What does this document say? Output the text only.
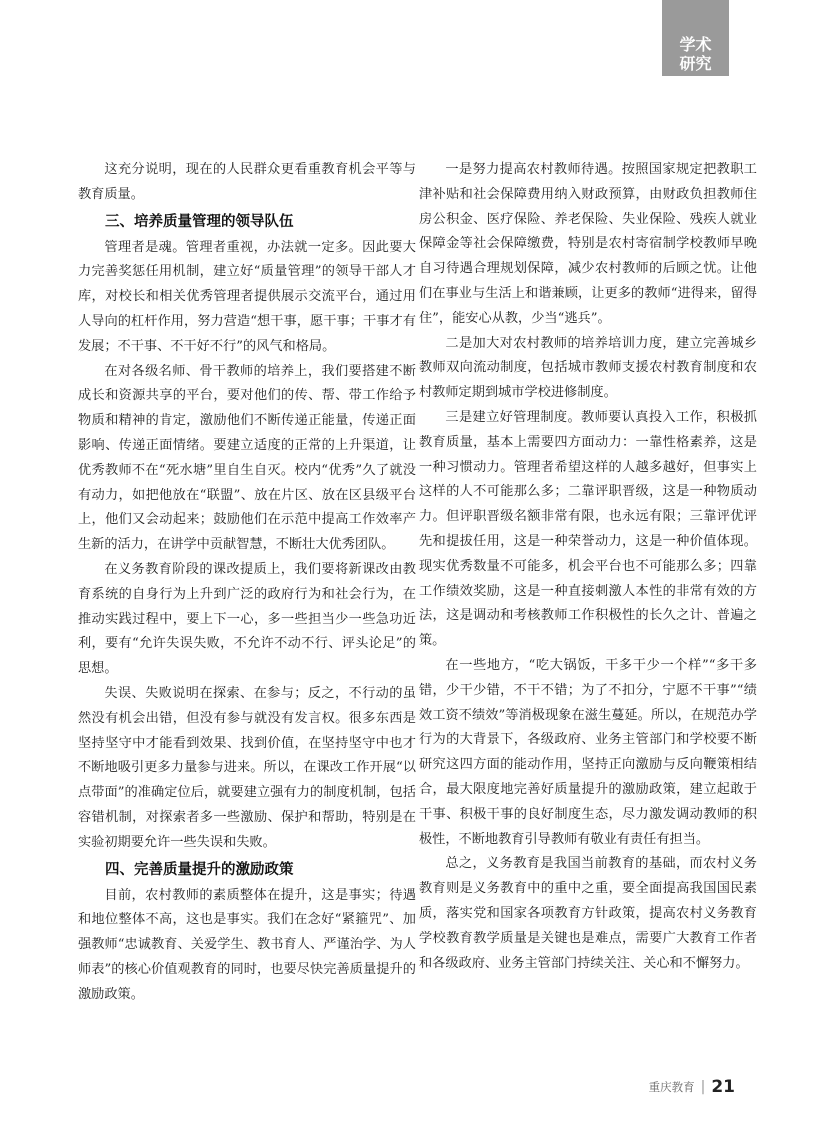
学术
研究

这充分说明，现在的人民群众更看重教育机会平等与教育质量。

三、培养质量管理的领导队伍

管理者是魂。管理者重视，办法就一定多。因此要大力完善奖惩任用机制，建立好“质量管理”的领导干部人才库，对校长和相关优秀管理者提供展示交流平台，通过用人导向的杠杆作用，努力营造“想干事，愿干事；干事才有发展；不干事、不干好不行”的风气和格局。

在对各级名师、骨干教师的培养上，我们要搭建不断成长和资源共享的平台，要对他们的传、帮、带工作给予物质和精神的肯定，激励他们不断传递正能量，传递正面影响、传递正面情绪。要建立适度的正常的上升渠道，让优秀教师不在“死水塘”里自生自灭。校内“优秀”久了就没有动力，如把他放在“联盟”、放在片区、放在区县级平台上，他们又会动起来；鼓励他们在示范中提高工作效率产生新的活力，在讲学中贡献智慧，不断壮大优秀团队。

在义务教育阶段的课改提质上，我们要将新课改由教育系统的自身行为上升到广泛的政府行为和社会行为，在推动实践过程中，要上下一心，多一些担当少一些急功近利，要有“允许失误失败，不允许不动不行、评头论足”的思想。

失误、失败说明在探索、在参与；反之，不行动的虽然没有机会出错，但没有参与就没有发言权。很多东西是坚持坚守中才能看到效果、找到价值，在坚持坚守中也才不断地吸引更多力量参与进来。所以，在课改工作开展“以点带面”的准确定位后，就要建立强有力的制度机制，包括容错机制，对探索者多一些激励、保护和帮助，特别是在实验初期要允许一些失误和失败。

四、完善质量提升的激励政策

目前，农村教师的素质整体在提升，这是事实；待遇和地位整体不高，这也是事实。我们在念好“紧箍咒”、加强教师“忠诚教育、关爱学生、教书育人、严谨治学、为人师表”的核心价值观教育的同时，也要尽快完善质量提升的激励政策。

一是努力提高农村教师待遇。按照国家规定把教职工津补贴和社会保障费用纳入财政预算，由财政负担教师住房公积金、医疗保险、养老保险、失业保险、残疾人就业保障金等社会保障缴费，特别是农村寄宿制学校教师早晚自习待遇合理规划保障，减少农村教师的后顾之忧。让他们在事业与生活上和谐兼顾，让更多的教师“进得来，留得住”，能安心从教，少当“逃兵”。

二是加大对农村教师的培养培训力度，建立完善城乡教师双向流动制度，包括城市教师支援农村教育制度和农村教师定期到城市学校进修制度。

三是建立好管理制度。教师要认真投入工作，积极抓教育质量，基本上需要四方面动力：一靠性格素养，这是一种习惯动力。管理者希望这样的人越多越好，但事实上这样的人不可能那么多；二靠评职晋级，这是一种物质动力。但评职晋级名额非常有限，也永远有限；三靠评优评先和提拔任用，这是一种荣誉动力，这是一种价值体现。现实优秀数量不可能多，机会平台也不可能那么多；四靠工作绩效奖励，这是一种直接刺激人本性的非常有效的方法，这是调动和考核教师工作积极性的长久之计、普遍之策。

在一些地方，“吃大锅饭，干多干少一个样”“多干多错，少干少错，不干不错；为了不扣分，宁愿不干事”“绩效工资不绩效”等消极现象在滋生蔓延。所以，在规范办学行为的大背景下，各级政府、业务主管部门和学校要不断研究这四方面的能动作用，坚持正向激励与反向鞭策相结合，最大限度地完善好质量提升的激励政策，建立起敢于干事、积极干事的良好制度生态，尽力激发调动教师的积极性，不断地教育引导教师有敬业有责任有担当。

总之，义务教育是我国当前教育的基础，而农村义务教育则是义务教育中的重中之重，要全面提高我国国民素质，落实党和国家各项教育方针政策，提高农村义务教育学校教育教学质量是关键也是难点，需要广大教育工作者和各级政府、业务主管部门持续关注、关心和不懈努力。

重庆教育 | 21
